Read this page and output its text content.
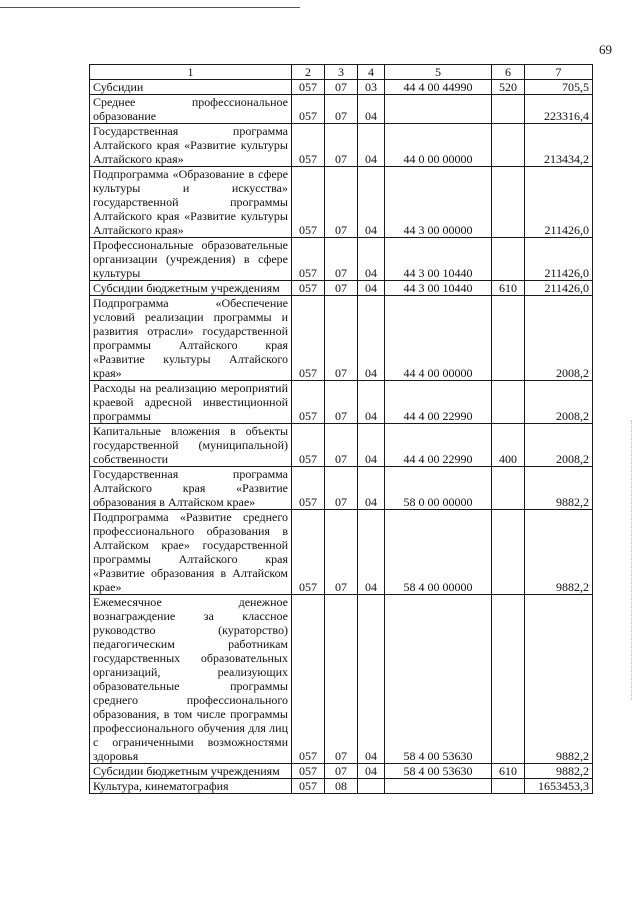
69
1	2	3	4	5	6	7
Субсидии	057	07	03	44 4 00 44990	520	705,5
Среднее профессиональное образование	057	07	04			223316,4
Государственная программа Алтайского края «Развитие культуры Алтайского края»	057	07	04	44 0 00 00000		213434,2
Подпрограмма «Образование в сфере культуры и искусства» государственной программы Алтайского края «Развитие культуры Алтайского края»	057	07	04	44 3 00 00000		211426,0
Профессиональные образовательные организации (учреждения) в сфере культуры	057	07	04	44 3 00 10440		211426,0
Субсидии бюджетным учреждениям	057	07	04	44 3 00 10440	610	211426,0
Подпрограмма «Обеспечение условий реализации программы и развития отрасли» государственной программы Алтайского края «Развитие культуры Алтайского края»	057	07	04	44 4 00 00000		2008,2
Расходы на реализацию мероприятий краевой адресной инвестиционной программы	057	07	04	44 4 00 22990		2008,2
Капитальные вложения в объекты государственной (муниципальной) собственности	057	07	04	44 4 00 22990	400	2008,2
Государственная программа Алтайского края «Развитие образования в Алтайском крае»	057	07	04	58 0 00 00000		9882,2
Подпрограмма «Развитие среднего профессионального образования в Алтайском крае» государственной программы Алтайского края «Развитие образования в Алтайском крае»	057	07	04	58 4 00 00000		9882,2
Ежемесячное денежное вознаграждение за классное руководство (кураторство) педагогическим работникам государственных образовательных организаций, реализующих образовательные программы среднего профессионального образования, в том числе программы профессионального обучения для лиц с ограниченными возможностями здоровья	057	07	04	58 4 00 53630		9882,2
Субсидии бюджетным учреждениям	057	07	04	58 4 00 53630	610	9882,2
Культура, кинематография	057	08				1653453,3
